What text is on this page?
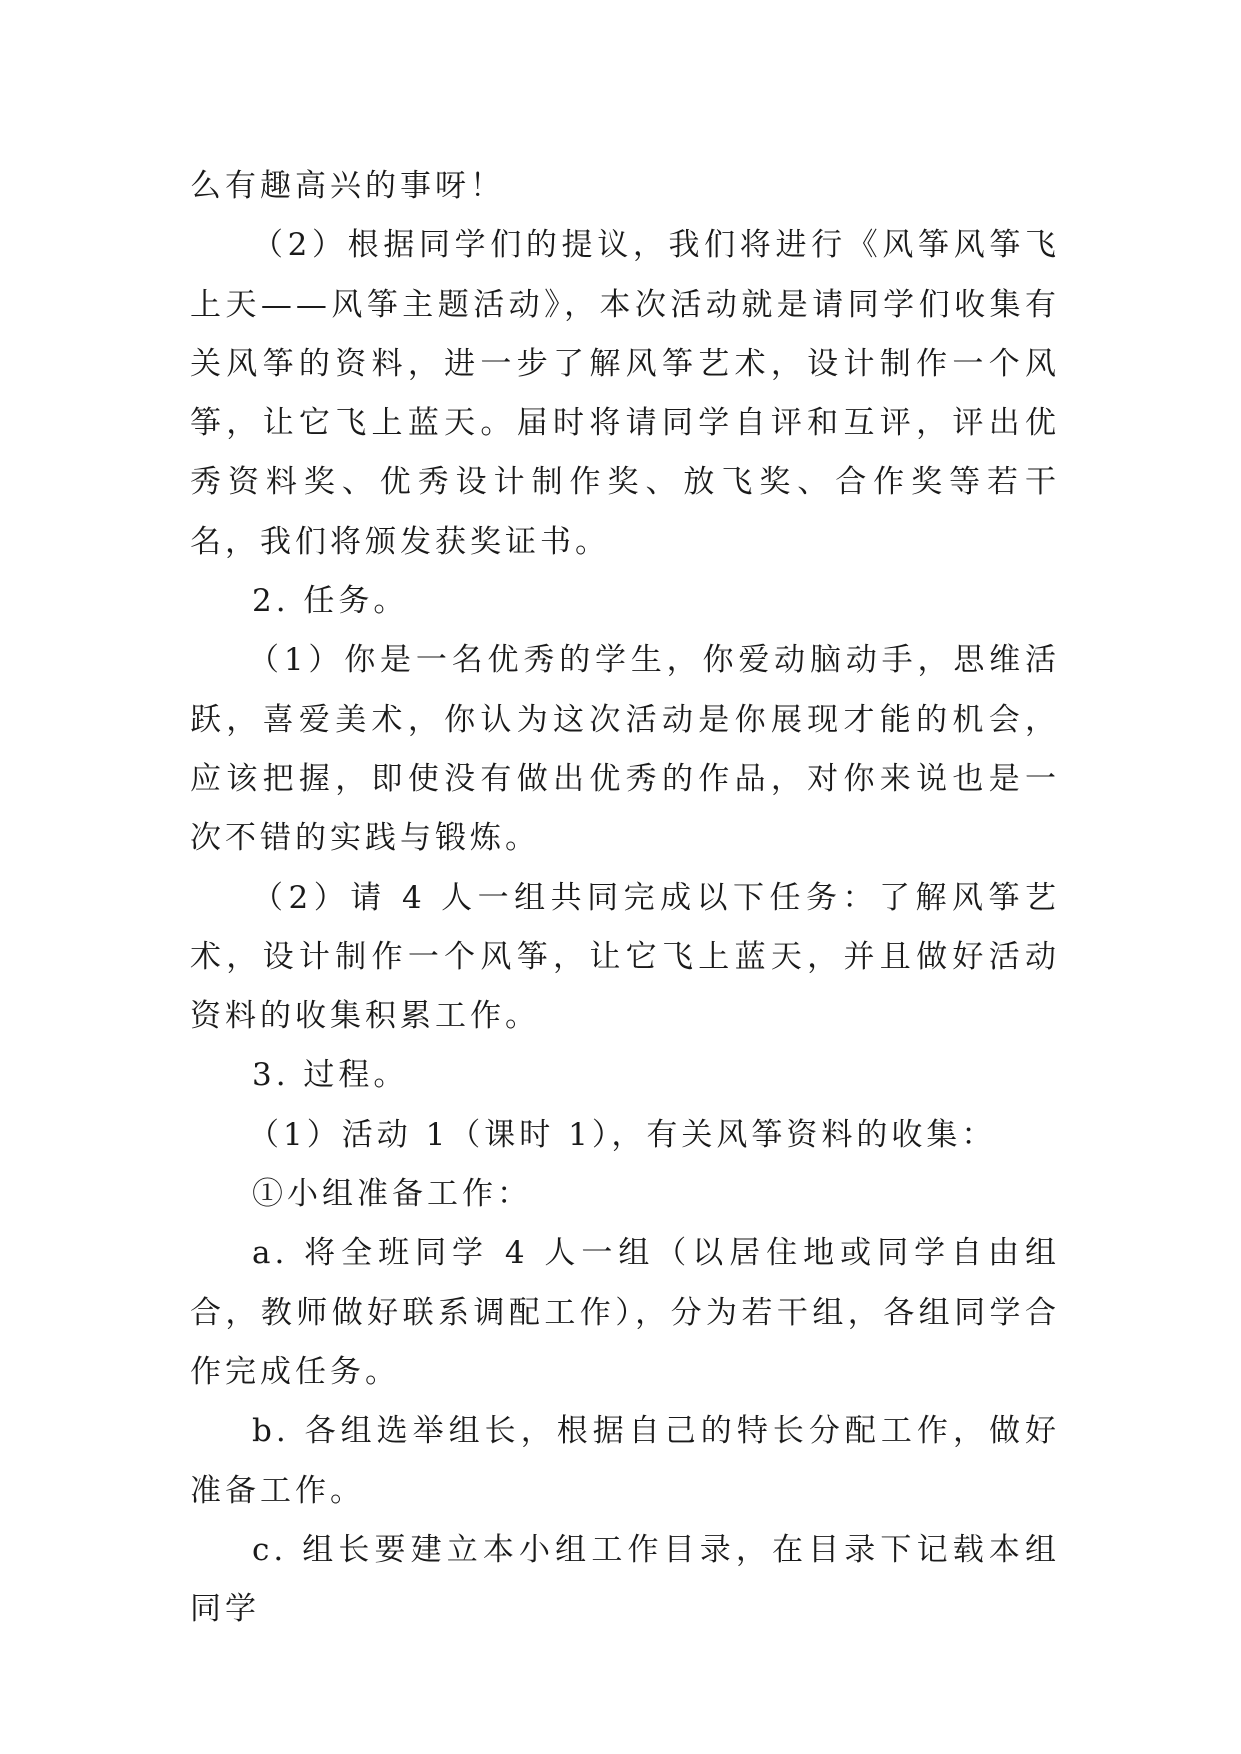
么有趣高兴的事呀！

（2）根据同学们的提议，我们将进行《风筝风筝飞上天——风筝主题活动》，本次活动就是请同学们收集有关风筝的资料，进一步了解风筝艺术，设计制作一个风筝，让它飞上蓝天。届时将请同学自评和互评，评出优秀资料奖、优秀设计制作奖、放飞奖、合作奖等若干名，我们将颁发获奖证书。

2. 任务。

（1）你是一名优秀的学生，你爱动脑动手，思维活跃，喜爱美术，你认为这次活动是你展现才能的机会，应该把握，即使没有做出优秀的作品，对你来说也是一次不错的实践与锻炼。

（2）请 4 人一组共同完成以下任务：了解风筝艺术，设计制作一个风筝，让它飞上蓝天，并且做好活动资料的收集积累工作。

3. 过程。

（1）活动 1（课时 1），有关风筝资料的收集：

①小组准备工作：

a. 将全班同学 4 人一组（以居住地或同学自由组合，教师做好联系调配工作），分为若干组，各组同学合作完成任务。

b. 各组选举组长，根据自己的特长分配工作，做好准备工作。

c. 组长要建立本小组工作目录，在目录下记载本组同学
